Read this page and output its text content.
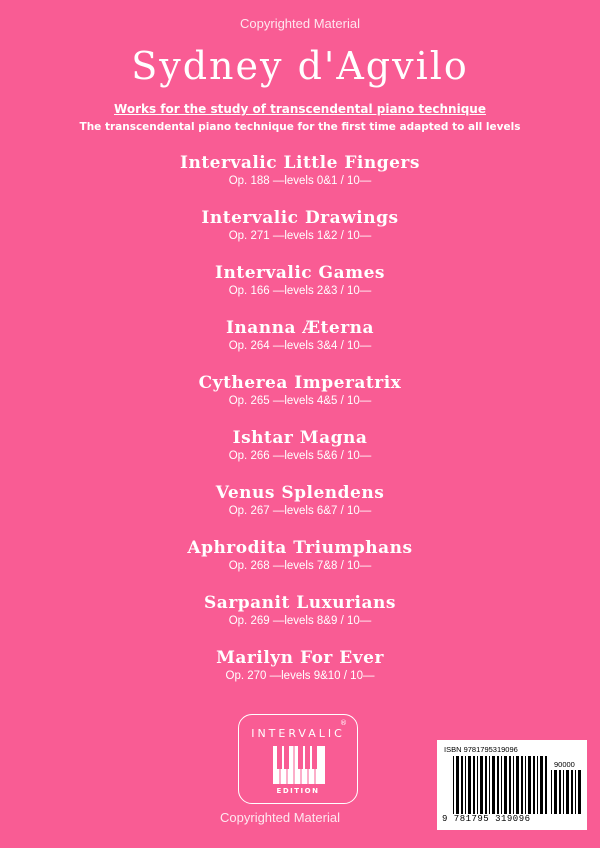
Copyrighted Material
Sydney d'Agvilo
Works for the study of transcendental piano technique
The transcendental piano technique for the first time adapted to all levels
Intervalic Little Fingers
Op. 188 —levels 0&1 / 10—
Intervalic Drawings
Op. 271 —levels 1&2 / 10—
Intervalic Games
Op. 166 —levels 2&3 / 10—
Inanna Æterna
Op. 264 —levels 3&4 / 10—
Cytherea Imperatrix
Op. 265 —levels 4&5 / 10—
Ishtar Magna
Op. 266 —levels 5&6 / 10—
Venus Splendens
Op. 267 —levels 6&7 / 10—
Aphrodita Triumphans
Op. 268 —levels 7&8 / 10—
Sarpanit Luxurians
Op. 269 —levels 8&9 / 10—
Marilyn For Ever
Op. 270 —levels 9&10 / 10—
®
INTERVALIC
EDITION
ISBN 9781795319096
90000
9 781795 319096
Copyrighted Material
